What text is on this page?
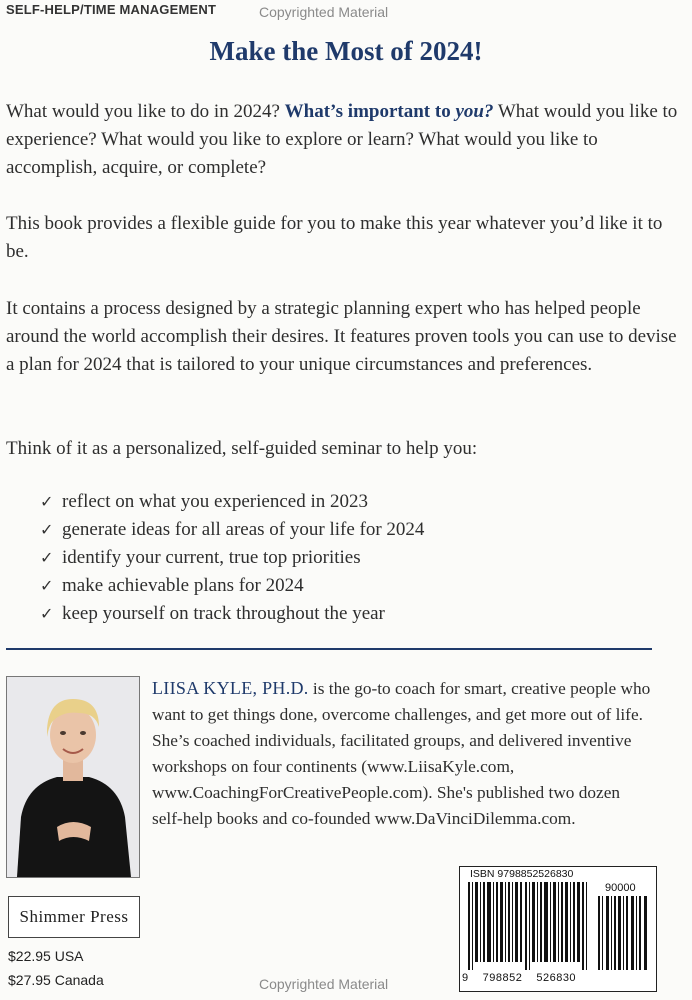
SELF-HELP/TIME MANAGEMENT	Copyrighted Material
Make the Most of 2024!
What would you like to do in 2024? What’s important to you? What would you like to experience? What would you like to explore or learn? What would you like to accomplish, acquire, or complete?
This book provides a flexible guide for you to make this year whatever you’d like it to be.
It contains a process designed by a strategic planning expert who has helped people around the world accomplish their desires. It features proven tools you can use to devise a plan for 2024 that is tailored to your unique circumstances and preferences.
Think of it as a personalized, self-guided seminar to help you:
✓ reflect on what you experienced in 2023
✓ generate ideas for all areas of your life for 2024
✓ identify your current, true top priorities
✓ make achievable plans for 2024
✓ keep yourself on track throughout the year
LIISA KYLE, PH.D. is the go-to coach for smart, creative people who want to get things done, overcome challenges, and get more out of life. She’s coached individuals, facilitated groups, and delivered inventive workshops on four continents (www.LiisaKyle.com, www.CoachingForCreativePeople.com). She's published two dozen self-help books and co-founded www.DaVinciDilemma.com.
Shimmer Press
$22.95 USA
$27.95 Canada	Copyrighted Material
ISBN 9798852526830
90000
9 798852 526830
